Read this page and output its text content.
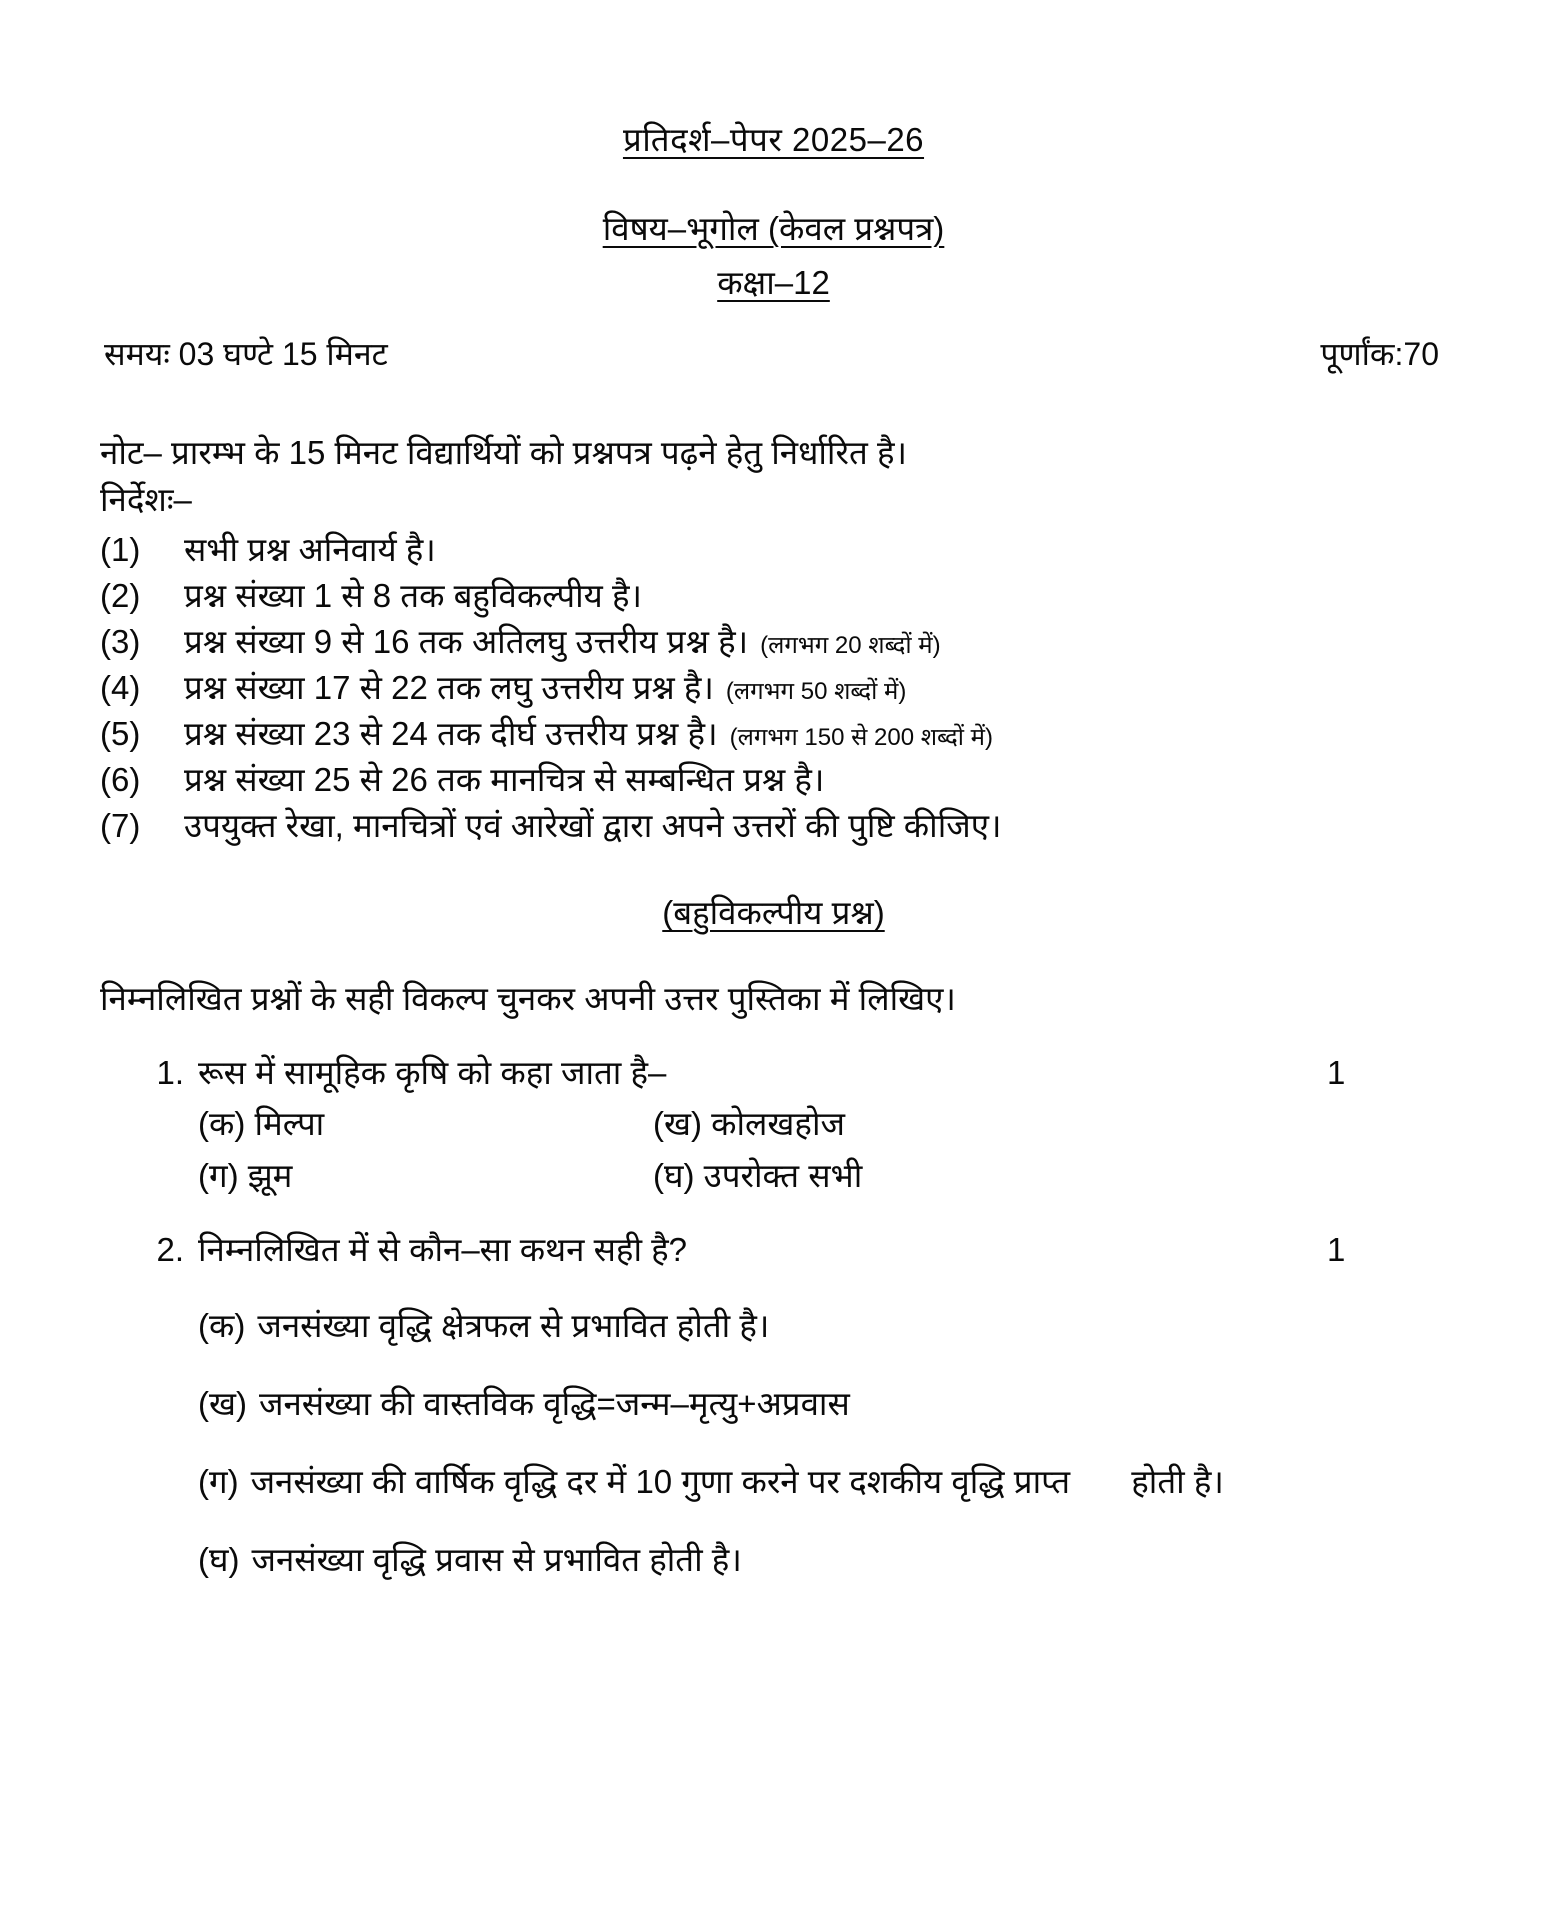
प्रतिदर्श–पेपर 2025–26
विषय–भूगोल (केवल प्रश्नपत्र)
कक्षा–12
समयः 03 घण्टे 15 मिनट	पूर्णांक:70
नोट– प्रारम्भ के 15 मिनट विद्यार्थियों को प्रश्नपत्र पढ़ने हेतु निर्धारित है।
निर्देशः–
(1)	सभी प्रश्न अनिवार्य है।
(2)	प्रश्न संख्या 1 से 8 तक बहुविकल्पीय है।
(3)	प्रश्न संख्या 9 से 16 तक अतिलघु उत्तरीय प्रश्न है। (लगभग 20 शब्दों में)
(4)	प्रश्न संख्या 17 से 22 तक लघु उत्तरीय प्रश्न है। (लगभग 50 शब्दों में)
(5)	प्रश्न संख्या 23 से 24 तक दीर्घ उत्तरीय प्रश्न है। (लगभग 150 से 200 शब्दों में)
(6)	प्रश्न संख्या 25 से 26 तक मानचित्र से सम्बन्धित प्रश्न है।
(7)	उपयुक्त रेखा, मानचित्रों एवं आरेखों द्वारा अपने उत्तरों की पुष्टि कीजिए।
(बहुविकल्पीय प्रश्न)
निम्नलिखित प्रश्नों के सही विकल्प चुनकर अपनी उत्तर पुस्तिका में लिखिए।
1. रूस में सामूहिक कृषि को कहा जाता है–	1
(क) मिल्पा	(ख) कोलखहोज
(ग) झूम	(घ) उपरोक्त सभी
2. निम्नलिखित में से कौन–सा कथन सही है?	1
(क) जनसंख्या वृद्धि क्षेत्रफल से प्रभावित होती है।
(ख) जनसंख्या की वास्तविक वृद्धि=जन्म–मृत्यु+अप्रवास
(ग) जनसंख्या की वार्षिक वृद्धि दर में 10 गुणा करने पर दशकीय वृद्धि प्राप्त होती है।
(घ) जनसंख्या वृद्धि प्रवास से प्रभावित होती है।
